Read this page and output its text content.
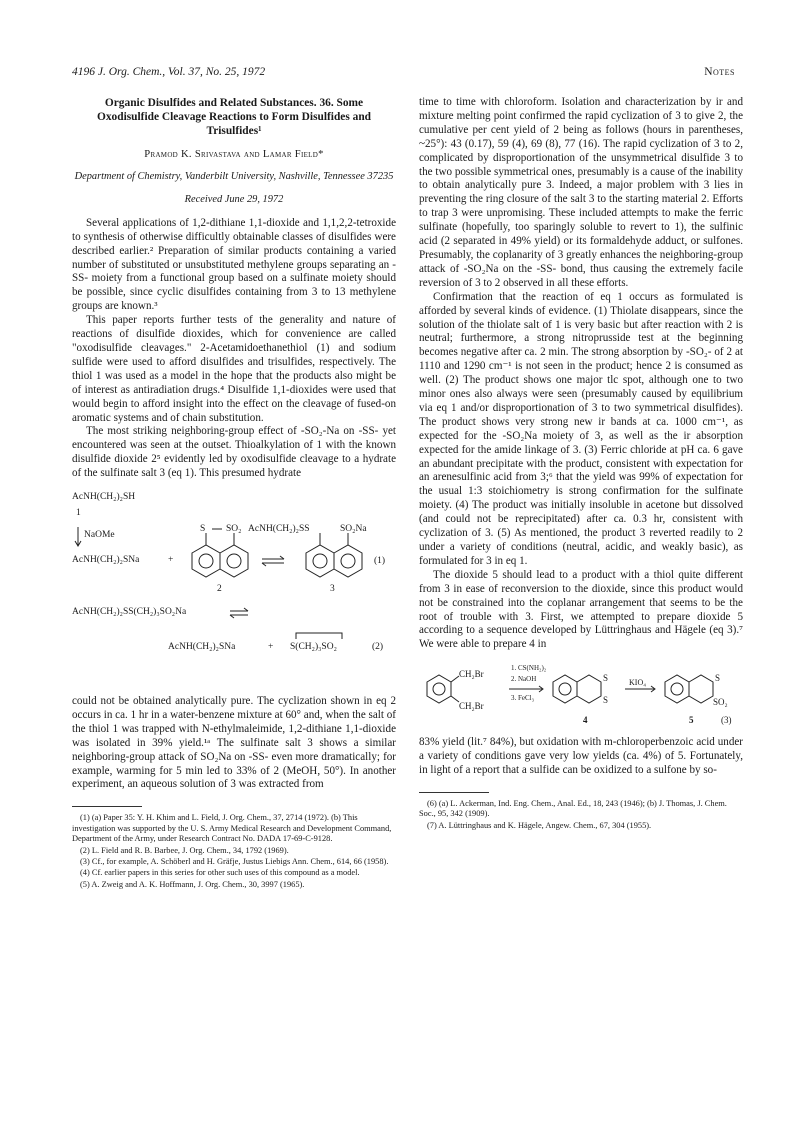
4196 J. Org. Chem., Vol. 37, No. 25, 1972	Notes
Organic Disulfides and Related Substances. 36. Some Oxodisulfide Cleavage Reactions to Form Disulfides and Trisulfides¹
Pramod K. Srivastava and Lamar Field*
Department of Chemistry, Vanderbilt University, Nashville, Tennessee 37235
Received June 29, 1972

Several applications of 1,2-dithiane 1,1-dioxide and 1,1,2,2-tetroxide to synthesis of otherwise difficultly obtainable classes of disulfides were described earlier.² Preparation of similar products containing a varied number of substituted or unsubstituted methylene groups separating an -SS- moiety from a functional group based on a sulfinate moiety should be possible, since cyclic disulfides containing from 3 to 13 methylene groups are known.³

This paper reports further tests of the generality and nature of reactions of disulfide dioxides, which for convenience are called "oxodisulfide cleavages." 2-Acetamidoethanethiol (1) and sodium sulfide were used to afford disulfides and trisulfides, respectively. The thiol 1 was used as a model in the hope that the products also might be of interest as antiradiation drugs.⁴ Disulfide 1,1-dioxides were used that would begin to afford insight into the effect on the cleavage of fused-on aromatic systems and of chain substitution.

The most striking neighboring-group effect of -SO₂-Na on -SS- yet encountered was seen at the outset. Thioalkylation of 1 with the known disulfide dioxide 2⁵ evidently led by oxodisulfide cleavage to a hydrate of the sulfinate salt 3 (eq 1). This presumed hydrate

AcNH(CH₂)₂SH
1
NaOMe
AcNH(CH₂)₂SNa	+
S SO₂
2
AcNH(CH₂)₂SS	SO₂Na
3
(1)
AcNH(CH₂)₂SS(CH₂)₃SO₂Na
AcNH(CH₂)₂SNa	+ S(CH₂)₃SO₂	(2)

could not be obtained analytically pure. The cyclization shown in eq 2 occurs in ca. 1 hr in a water-benzene mixture at 60° and, when the salt of the thiol 1 was trapped with N-ethylmaleimide, 1,2-dithiane 1,1-dioxide was isolated in 39% yield.¹ᵃ The sulfinate salt 3 shows a similar neighboring-group attack of SO₂Na on -SS- even more dramatically; for example, warming for 5 min led to 33% of 2 (MeOH, 50°). In another experiment, an aqueous solution of 3 was extracted from

(1) (a) Paper 35: Y. H. Khim and L. Field, J. Org. Chem., 37, 2714 (1972). (b) This investigation was supported by the U. S. Army Medical Research and Development Command, Department of the Army, under Research Contract No. DADA 17-69-C-9128.
(2) L. Field and R. B. Barbee, J. Org. Chem., 34, 1792 (1969).
(3) Cf., for example, A. Schöberl and H. Gräfje, Justus Liebigs Ann. Chem., 614, 66 (1958).
(4) Cf. earlier papers in this series for other such uses of this compound as a model.
(5) A. Zweig and A. K. Hoffmann, J. Org. Chem., 30, 3997 (1965).

time to time with chloroform. Isolation and characterization by ir and mixture melting point confirmed the rapid cyclization of 3 to give 2, the cumulative per cent yield of 2 being as follows (hours in parentheses, ~25°): 43 (0.17), 59 (4), 69 (8), 77 (16). The rapid cyclization of 3 to 2, complicated by disproportionation of the unsymmetrical disulfide 3 to the two possible symmetrical ones, presumably is a cause of the inability to obtain analytically pure 3. Indeed, a major problem with 3 lies in preventing the ring closure of the salt 3 to the starting material 2. Efforts to trap 3 were unpromising. These included attempts to make the ferric sulfinate (hopefully, too sparingly soluble to revert to 1), the sulfinic acid (2 separated in 49% yield) or its formaldehyde adduct, or sulfones. Presumably, the coplanarity of 3 greatly enhances the neighboring-group attack of -SO₂Na on the -SS- bond, thus causing the extremely facile reversion of 3 to 2 observed in all these efforts.

Confirmation that the reaction of eq 1 occurs as formulated is afforded by several kinds of evidence. (1) Thiolate disappears, since the solution of the thiolate salt of 1 is very basic but after reaction with 2 is neutral; furthermore, a strong nitroprusside test at the beginning becomes negative after ca. 2 min. The strong absorption by -SO₂- of 2 at 1110 and 1290 cm⁻¹ is not seen in the product; hence 2 is consumed as well. (2) The product shows one major tlc spot, although one to two minor ones also always were seen (presumably caused by equilibrium via eq 1 and/or disproportionation of 3 to two symmetrical disulfides). The product shows very strong new ir bands at ca. 1000 cm⁻¹, as expected for the -SO₂Na moiety of 3, as well as the ir absorption expected for the amide linkage of 3. (3) Ferric chloride at pH ca. 6 gave an abundant precipitate with the product, consistent with expectation for an arenesulfinic acid from 3;⁶ that the yield was 99% of expectation for the usual 1:3 stoichiometry is strong confirmation for the sulfinate moiety. (4) The product was initially insoluble in acetone but dissolved (and could not be reprecipitated) after ca. 0.3 hr, consistent with cyclization of 3. (5) As mentioned, the product 3 reverted readily to 2 under a variety of conditions (neutral, acidic, and weakly basic), as formulated for 3 in eq 1.

The dioxide 5 should lead to a product with a thiol quite different from 3 in ease of reconversion to the dioxide, since this product would not be constrained into the coplanar arrangement that seems to be the root of trouble with 3. First, we attempted to prepare dioxide 5 according to a sequence developed by Lüttringhaus and Hägele (eq 3).⁷ We were able to prepare 4 in

CH₂Br
CH₂Br
1. CS(NH₂)₂
2. NaOH
3. FeCl₃
S
S
KIO₄	S
SO₂
4	5	(3)

83% yield (lit.⁷ 84%), but oxidation with m-chloroperbenzoic acid under a variety of conditions gave very low yields (ca. 4%) of 5. Fortunately, in light of a report that a sulfide can be oxidized to a sulfone by so-

(6) (a) L. Ackerman, Ind. Eng. Chem., Anal. Ed., 18, 243 (1946); (b) J. Thomas, J. Chem. Soc., 95, 342 (1909).
(7) A. Lüttringhaus and K. Hägele, Angew. Chem., 67, 304 (1955).
